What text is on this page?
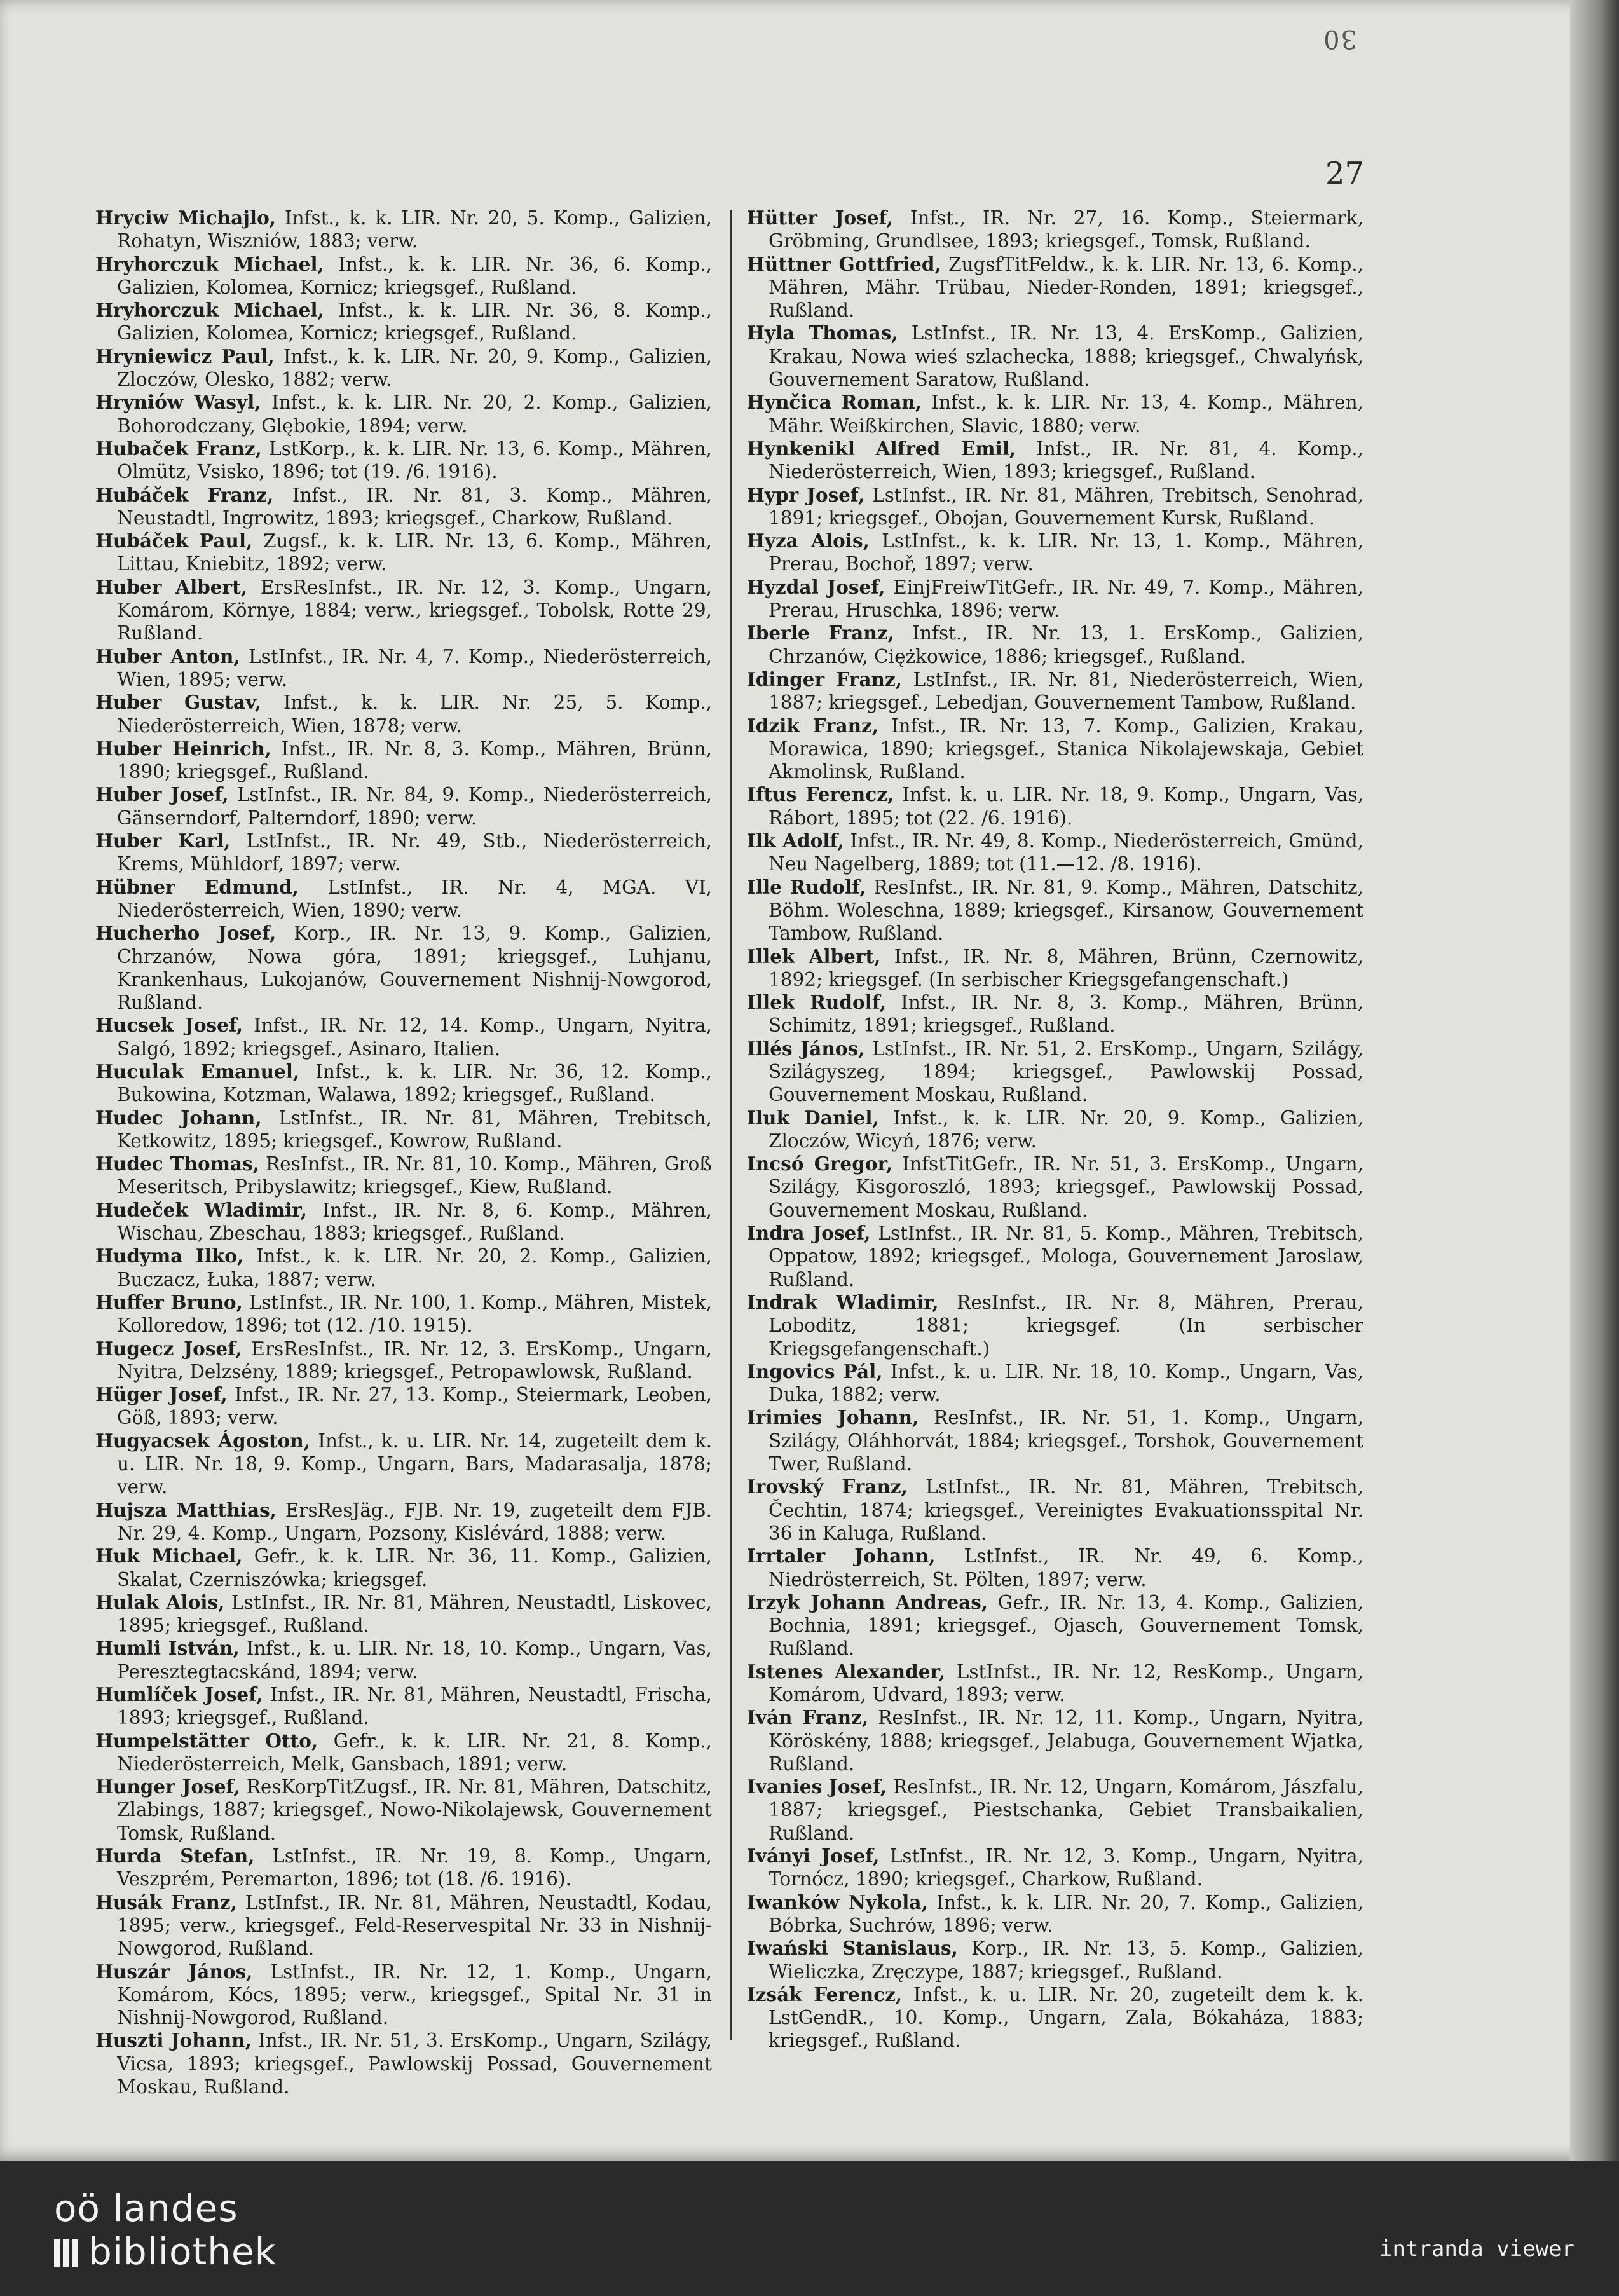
30
27

Hryciw Michajlo, Infst., k. k. LIR. Nr. 20, 5. Komp., Galizien, Rohatyn, Wiszniów, 1883; verw.

Hryhorczuk Michael, Infst., k. k. LIR. Nr. 36, 6. Komp., Galizien, Kolomea, Kornicz; kriegsgef., Rußland.

Hryhorczuk Michael, Infst., k. k. LIR. Nr. 36, 8. Komp., Galizien, Kolomea, Kornicz; kriegsgef., Rußland.

Hryniewicz Paul, Infst., k. k. LIR. Nr. 20, 9. Komp., Galizien, Zloczów, Olesko, 1882; verw.

Hryniów Wasyl, Infst., k. k. LIR. Nr. 20, 2. Komp., Galizien, Bohorodczany, Glębokie, 1894; verw.

Hubaček Franz, LstKorp., k. k. LIR. Nr. 13, 6. Komp., Mähren, Olmütz, Vsisko, 1896; tot (19. /6. 1916).

Hubáček Franz, Infst., IR. Nr. 81, 3. Komp., Mähren, Neustadtl, Ingrowitz, 1893; kriegsgef., Charkow, Rußland.

Hubáček Paul, Zugsf., k. k. LIR. Nr. 13, 6. Komp., Mähren, Littau, Kniebitz, 1892; verw.

Huber Albert, ErsResInfst., IR. Nr. 12, 3. Komp., Ungarn, Komárom, Környe, 1884; verw., kriegsgef., Tobolsk, Rotte 29, Rußland.

Huber Anton, LstInfst., IR. Nr. 4, 7. Komp., Niederösterreich, Wien, 1895; verw.

Huber Gustav, Infst., k. k. LIR. Nr. 25, 5. Komp., Niederösterreich, Wien, 1878; verw.

Huber Heinrich, Infst., IR. Nr. 8, 3. Komp., Mähren, Brünn, 1890; kriegsgef., Rußland.

Huber Josef, LstInfst., IR. Nr. 84, 9. Komp., Niederösterreich, Gänserndorf, Palterndorf, 1890; verw.

Huber Karl, LstInfst., IR. Nr. 49, Stb., Niederösterreich, Krems, Mühldorf, 1897; verw.

Hübner Edmund, LstInfst., IR. Nr. 4, MGA. VI, Niederösterreich, Wien, 1890; verw.

Hucherho Josef, Korp., IR. Nr. 13, 9. Komp., Galizien, Chrzanów, Nowa góra, 1891; kriegsgef., Luhjanu, Krankenhaus, Lukojanów, Gouvernement Nishnij-Nowgorod, Rußland.

Hucsek Josef, Infst., IR. Nr. 12, 14. Komp., Ungarn, Nyitra, Salgó, 1892; kriegsgef., Asinaro, Italien.

Huculak Emanuel, Infst., k. k. LIR. Nr. 36, 12. Komp., Bukowina, Kotzman, Walawa, 1892; kriegsgef., Rußland.

Hudec Johann, LstInfst., IR. Nr. 81, Mähren, Trebitsch, Ketkowitz, 1895; kriegsgef., Kowrow, Rußland.

Hudec Thomas, ResInfst., IR. Nr. 81, 10. Komp., Mähren, Groß Meseritsch, Pribyslawitz; kriegsgef., Kiew, Rußland.

Hudeček Wladimir, Infst., IR. Nr. 8, 6. Komp., Mähren, Wischau, Zbeschau, 1883; kriegsgef., Rußland.

Hudyma Ilko, Infst., k. k. LIR. Nr. 20, 2. Komp., Galizien, Buczacz, Łuka, 1887; verw.

Huffer Bruno, LstInfst., IR. Nr. 100, 1. Komp., Mähren, Mistek, Kolloredow, 1896; tot (12. /10. 1915).

Hugecz Josef, ErsResInfst., IR. Nr. 12, 3. ErsKomp., Ungarn, Nyitra, Delzsény, 1889; kriegsgef., Petropawlowsk, Rußland.

Hüger Josef, Infst., IR. Nr. 27, 13. Komp., Steiermark, Leoben, Göß, 1893; verw.

Hugyacsek Ágoston, Infst., k. u. LIR. Nr. 14, zugeteilt dem k. u. LIR. Nr. 18, 9. Komp., Ungarn, Bars, Madarasalja, 1878; verw.

Hujsza Matthias, ErsResJäg., FJB. Nr. 19, zugeteilt dem FJB. Nr. 29, 4. Komp., Ungarn, Pozsony, Kislévárd, 1888; verw.

Huk Michael, Gefr., k. k. LIR. Nr. 36, 11. Komp., Galizien, Skalat, Czerniszówka; kriegsgef.

Hulak Alois, LstInfst., IR. Nr. 81, Mähren, Neustadtl, Liskovec, 1895; kriegsgef., Rußland.

Humli István, Infst., k. u. LIR. Nr. 18, 10. Komp., Ungarn, Vas, Peresztegtacskánd, 1894; verw.

Humlíček Josef, Infst., IR. Nr. 81, Mähren, Neustadtl, Frischa, 1893; kriegsgef., Rußland.

Humpelstätter Otto, Gefr., k. k. LIR. Nr. 21, 8. Komp., Niederösterreich, Melk, Gansbach, 1891; verw.

Hunger Josef, ResKorpTitZugsf., IR. Nr. 81, Mähren, Datschitz, Zlabings, 1887; kriegsgef., Nowo-Nikolajewsk, Gouvernement Tomsk, Rußland.

Hurda Stefan, LstInfst., IR. Nr. 19, 8. Komp., Ungarn, Veszprém, Peremarton, 1896; tot (18. /6. 1916).

Husák Franz, LstInfst., IR. Nr. 81, Mähren, Neustadtl, Kodau, 1895; verw., kriegsgef., Feld-Reservespital Nr. 33 in Nishnij-Nowgorod, Rußland.

Huszár János, LstInfst., IR. Nr. 12, 1. Komp., Ungarn, Komárom, Kócs, 1895; verw., kriegsgef., Spital Nr. 31 in Nishnij-Nowgorod, Rußland.

Huszti Johann, Infst., IR. Nr. 51, 3. ErsKomp., Ungarn, Szilágy, Vicsa, 1893; kriegsgef., Pawlowskij Possad, Gouvernement Moskau, Rußland.

Hütter Josef, Infst., IR. Nr. 27, 16. Komp., Steiermark, Gröbming, Grundlsee, 1893; kriegsgef., Tomsk, Rußland.

Hüttner Gottfried, ZugsfTitFeldw., k. k. LIR. Nr. 13, 6. Komp., Mähren, Mähr. Trübau, Nieder-Ronden, 1891; kriegsgef., Rußland.

Hyla Thomas, LstInfst., IR. Nr. 13, 4. ErsKomp., Galizien, Krakau, Nowa wieś szlachecka, 1888; kriegsgef., Chwalyńsk, Gouvernement Saratow, Rußland.

Hynčica Roman, Infst., k. k. LIR. Nr. 13, 4. Komp., Mähren, Mähr. Weißkirchen, Slavic, 1880; verw.

Hynkenikl Alfred Emil, Infst., IR. Nr. 81, 4. Komp., Niederösterreich, Wien, 1893; kriegsgef., Rußland.

Hypr Josef, LstInfst., IR. Nr. 81, Mähren, Trebitsch, Senohrad, 1891; kriegsgef., Obojan, Gouvernement Kursk, Rußland.

Hyza Alois, LstInfst., k. k. LIR. Nr. 13, 1. Komp., Mähren, Prerau, Bochoř, 1897; verw.

Hyzdal Josef, EinjFreiwTitGefr., IR. Nr. 49, 7. Komp., Mähren, Prerau, Hruschka, 1896; verw.

Iberle Franz, Infst., IR. Nr. 13, 1. ErsKomp., Galizien, Chrzanów, Ciężkowice, 1886; kriegsgef., Rußland.

Idinger Franz, LstInfst., IR. Nr. 81, Niederösterreich, Wien, 1887; kriegsgef., Lebedjan, Gouvernement Tambow, Rußland.

Idzik Franz, Infst., IR. Nr. 13, 7. Komp., Galizien, Krakau, Morawica, 1890; kriegsgef., Stanica Nikolajewskaja, Gebiet Akmolinsk, Rußland.

Iftus Ferencz, Infst. k. u. LIR. Nr. 18, 9. Komp., Ungarn, Vas, Rábort, 1895; tot (22. /6. 1916).

Ilk Adolf, Infst., IR. Nr. 49, 8. Komp., Niederösterreich, Gmünd, Neu Nagelberg, 1889; tot (11.—12. /8. 1916).

Ille Rudolf, ResInfst., IR. Nr. 81, 9. Komp., Mähren, Datschitz, Böhm. Woleschna, 1889; kriegsgef., Kirsanow, Gouvernement Tambow, Rußland.

Illek Albert, Infst., IR. Nr. 8, Mähren, Brünn, Czernowitz, 1892; kriegsgef. (In serbischer Kriegsgefangenschaft.)

Illek Rudolf, Infst., IR. Nr. 8, 3. Komp., Mähren, Brünn, Schimitz, 1891; kriegsgef., Rußland.

Illés János, LstInfst., IR. Nr. 51, 2. ErsKomp., Ungarn, Szilágy, Szilágyszeg, 1894; kriegsgef., Pawlowskij Possad, Gouvernement Moskau, Rußland.

Iluk Daniel, Infst., k. k. LIR. Nr. 20, 9. Komp., Galizien, Zloczów, Wicyń, 1876; verw.

Incsó Gregor, InfstTitGefr., IR. Nr. 51, 3. ErsKomp., Ungarn, Szilágy, Kisgoroszló, 1893; kriegsgef., Pawlowskij Possad, Gouvernement Moskau, Rußland.

Indra Josef, LstInfst., IR. Nr. 81, 5. Komp., Mähren, Trebitsch, Oppatow, 1892; kriegsgef., Mologa, Gouvernement Jaroslaw, Rußland.

Indrak Wladimir, ResInfst., IR. Nr. 8, Mähren, Prerau, Loboditz, 1881; kriegsgef. (In serbischer Kriegsgefangenschaft.)

Ingovics Pál, Infst., k. u. LIR. Nr. 18, 10. Komp., Ungarn, Vas, Duka, 1882; verw.

Irimies Johann, ResInfst., IR. Nr. 51, 1. Komp., Ungarn, Szilágy, Oláhhorvát, 1884; kriegsgef., Torshok, Gouvernement Twer, Rußland.

Irovský Franz, LstInfst., IR. Nr. 81, Mähren, Trebitsch, Čechtin, 1874; kriegsgef., Vereinigtes Evakuationsspital Nr. 36 in Kaluga, Rußland.

Irrtaler Johann, LstInfst., IR. Nr. 49, 6. Komp., Niedrösterreich, St. Pölten, 1897; verw.

Irzyk Johann Andreas, Gefr., IR. Nr. 13, 4. Komp., Galizien, Bochnia, 1891; kriegsgef., Ojasch, Gouvernement Tomsk, Rußland.

Istenes Alexander, LstInfst., IR. Nr. 12, ResKomp., Ungarn, Komárom, Udvard, 1893; verw.

Iván Franz, ResInfst., IR. Nr. 12, 11. Komp., Ungarn, Nyitra, Köröskény, 1888; kriegsgef., Jelabuga, Gouvernement Wjatka, Rußland.

Ivanies Josef, ResInfst., IR. Nr. 12, Ungarn, Komárom, Jászfalu, 1887; kriegsgef., Piestschanka, Gebiet Transbaikalien, Rußland.

Iványi Josef, LstInfst., IR. Nr. 12, 3. Komp., Ungarn, Nyitra, Tornócz, 1890; kriegsgef., Charkow, Rußland.

Iwanków Nykola, Infst., k. k. LIR. Nr. 20, 7. Komp., Galizien, Bóbrka, Suchrów, 1896; verw.

Iwański Stanislaus, Korp., IR. Nr. 13, 5. Komp., Galizien, Wieliczka, Zręczype, 1887; kriegsgef., Rußland.

Izsák Ferencz, Infst., k. u. LIR. Nr. 20, zugeteilt dem k. k. LstGendR., 10. Komp., Ungarn, Zala, Bókaháza, 1883; kriegsgef., Rußland.

oö landes
bibliothek	intranda viewer
